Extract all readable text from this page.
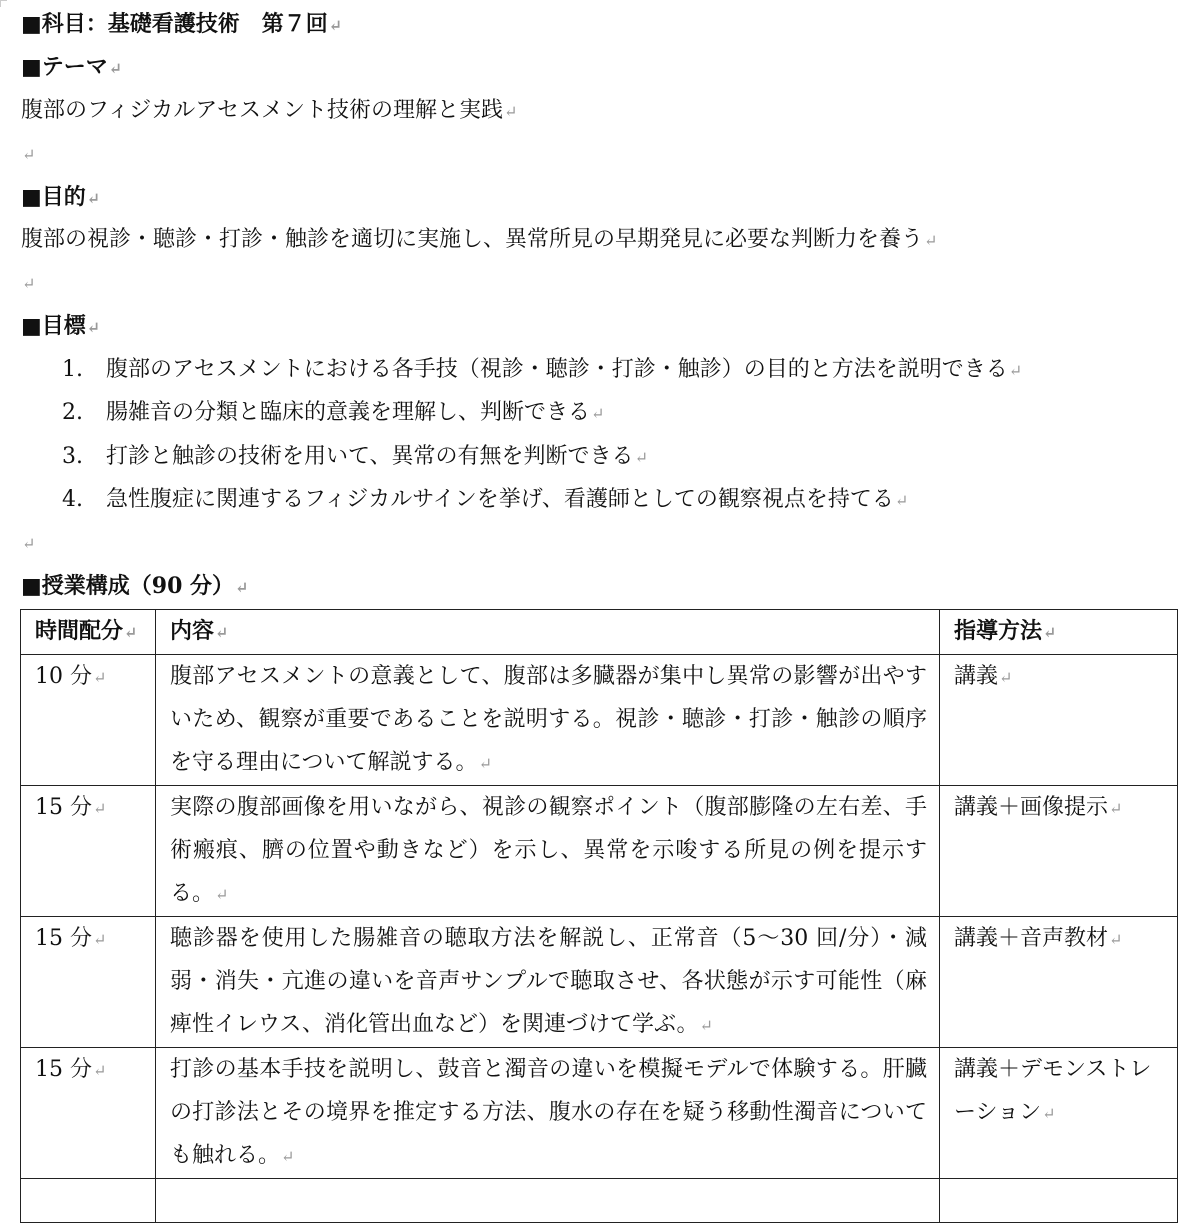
■科目：基礎看護技術　第７回↵
■テーマ↵
腹部のフィジカルアセスメント技術の理解と実践↵
↵
■目的↵
腹部の視診・聴診・打診・触診を適切に実施し、異常所見の早期発見に必要な判断力を養う↵
↵
■目標↵
1. 腹部のアセスメントにおける各手技（視診・聴診・打診・触診）の目的と方法を説明できる↵
2. 腸雑音の分類と臨床的意義を理解し、判断できる↵
3. 打診と触診の技術を用いて、異常の有無を判断できる↵
4. 急性腹症に関連するフィジカルサインを挙げ、看護師としての観察視点を持てる↵
↵
■授業構成（90 分）↵
時間配分↵	内容↵	指導方法↵
10 分↵	腹部アセスメントの意義として、腹部は多臓器が集中し異常の影響が出やすいため、観察が重要であることを説明する。視診・聴診・打診・触診の順序を守る理由について解説する。↵	講義↵
15 分↵	実際の腹部画像を用いながら、視診の観察ポイント（腹部膨隆の左右差、手術瘢痕、臍の位置や動きなど）を示し、異常を示唆する所見の例を提示する。↵	講義＋画像提示↵
15 分↵	聴診器を使用した腸雑音の聴取方法を解説し、正常音（5～30 回/分）・減弱・消失・亢進の違いを音声サンプルで聴取させ、各状態が示す可能性（麻痺性イレウス、消化管出血など）を関連づけて学ぶ。↵	講義＋音声教材↵
15 分↵	打診の基本手技を説明し、鼓音と濁音の違いを模擬モデルで体験する。肝臓の打診法とその境界を推定する方法、腹水の存在を疑う移動性濁音についても触れる。↵	講義＋デモンストレーション↵
